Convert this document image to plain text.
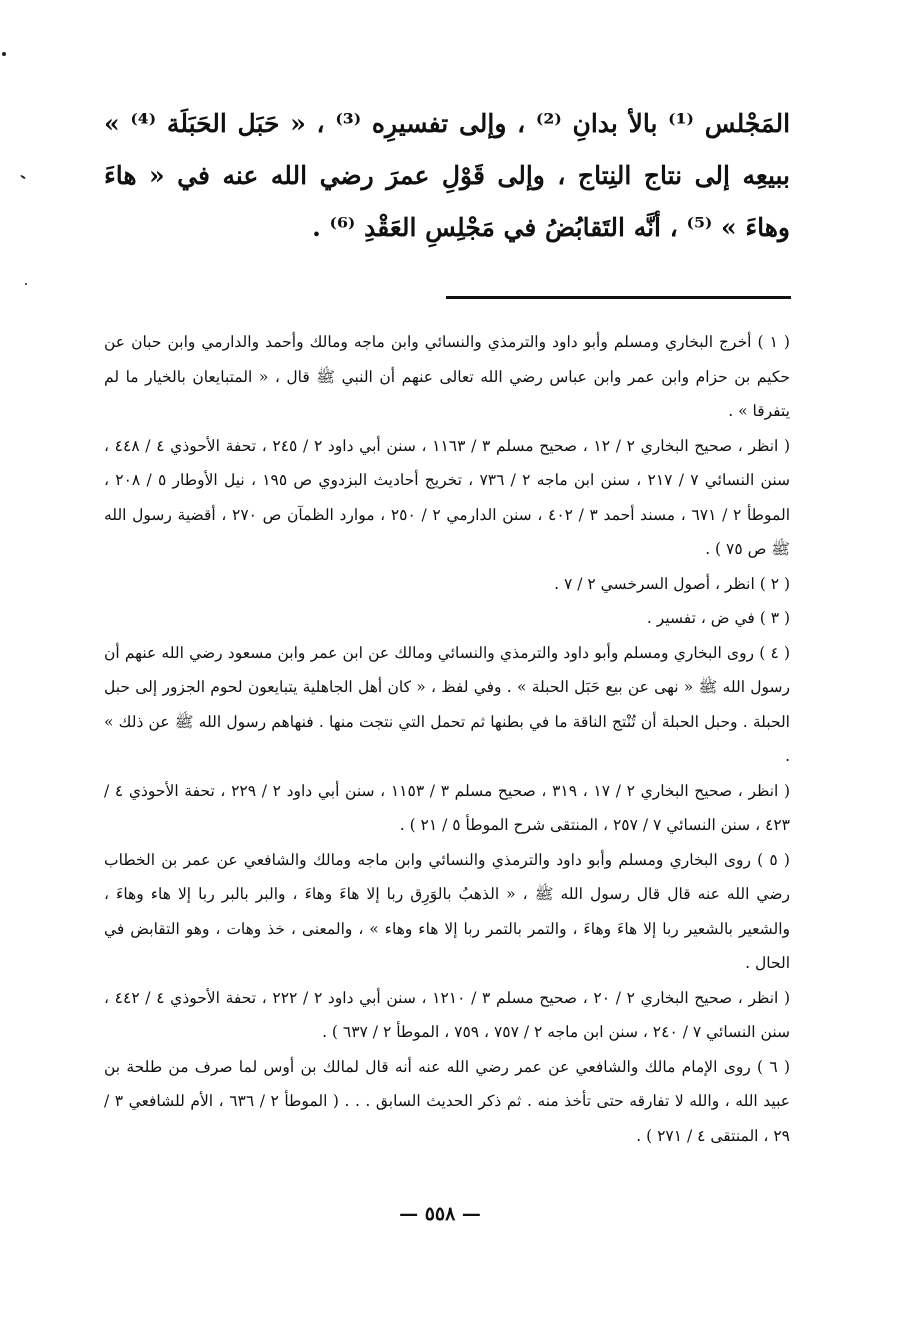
المَجْلس ⁽¹⁾ بالأ بدانِ ⁽²⁾ ، وإلى تفسيرِه ⁽³⁾ ، « حَبَل الحَبَلَة ⁽⁴⁾ » ببيعِه إلى نتاج النِتاج ، وإلى قَوْلِ عمرَ رضي الله عنه في « هاءَ وهاءَ » ⁽⁵⁾ ، أنَّه التَقابُضُ في مَجْلِسِ العَقْدِ ⁽⁶⁾ .

( ١ ) أخرج البخاري ومسلم وأبو داود والترمذي والنسائي وابن ماجه ومالك وأحمد والدارمي وابن حبان عن حكيم بن حزام وابن عمر وابن عباس رضي الله تعالى عنهم أن النبي ﷺ قال ، « المتبايعان بالخيار ما لم يتفرقا » .

( انظر ، صحيح البخاري ٢ / ١٢ ، صحيح مسلم ٣ / ١١٦٣ ، سنن أبي داود ٢ / ٢٤٥ ، تحفة الأحوذي ٤ / ٤٤٨ ، سنن النسائي ٧ / ٢١٧ ، سنن ابن ماجه ٢ / ٧٣٦ ، تخريج أحاديث البزدوي ص ١٩٥ ، نيل الأوطار ٥ / ٢٠٨ ، الموطأ ٢ / ٦٧١ ، مسند أحمد ٣ / ٤٠٢ ، سنن الدارمي ٢ / ٢٥٠ ، موارد الظمآن ص ٢٧٠ ، أقضية رسول الله ﷺ ص ٧٥ ) .

( ٢ ) انظر ، أصول السرخسي ٢ / ٧ .

( ٣ ) في ض ، تفسير .

( ٤ ) روى البخاري ومسلم وأبو داود والترمذي والنسائي ومالك عن ابن عمر وابن مسعود رضي الله عنهم أن رسول الله ﷺ « نهى عن بيع حَبَل الحبلة » . وفي لفظ ، « كان أهل الجاهلية يتبايعون لحوم الجزور إلى حبل الحبلة . وحبل الحبلة أن تُنْتج الناقة ما في بطنها ثم تحمل التي نتجت منها . فنهاهم رسول الله ﷺ عن ذلك » .

( انظر ، صحيح البخاري ٢ / ١٧ ، ٣١٩ ، صحيح مسلم ٣ / ١١٥٣ ، سنن أبي داود ٢ / ٢٢٩ ، تحفة الأحوذي ٤ / ٤٢٣ ، سنن النسائي ٧ / ٢٥٧ ، المنتقى شرح الموطأ ٥ / ٢١ ) .

( ٥ ) روى البخاري ومسلم وأبو داود والترمذي والنسائي وابن ماجه ومالك والشافعي عن عمر بن الخطاب رضي الله عنه قال قال رسول الله ﷺ ، « الذهبُ بالوَرِق ربا إلا هاءَ وهاءَ ، والبر بالبر ربا إلا هاء وهاءَ ، والشعير بالشعير ربا إلا هاءَ وهاءَ ، والتمر بالتمر ربا إلا هاء وهاء » ، والمعنى ، خذ وهات ، وهو التقابض في الحال .

( انظر ، صحيح البخاري ٢ / ٢٠ ، صحيح مسلم ٣ / ١٢١٠ ، سنن أبي داود ٢ / ٢٢٢ ، تحفة الأحوذي ٤ / ٤٤٢ ، سنن النسائي ٧ / ٢٤٠ ، سنن ابن ماجه ٢ / ٧٥٧ ، ٧٥٩ ، الموطأ ٢ / ٦٣٧ ) .

( ٦ ) روى الإمام مالك والشافعي عن عمر رضي الله عنه أنه قال لمالك بن أوس لما صرف من طلحة بن عبيد الله ، والله لا تفارقه حتى تأخذ منه . ثم ذكر الحديث السابق . . . ( الموطأ ٢ / ٦٣٦ ، الأم للشافعي ٣ / ٢٩ ، المنتقى ٤ / ٢٧١ ) .

— ٥٥٨ —
